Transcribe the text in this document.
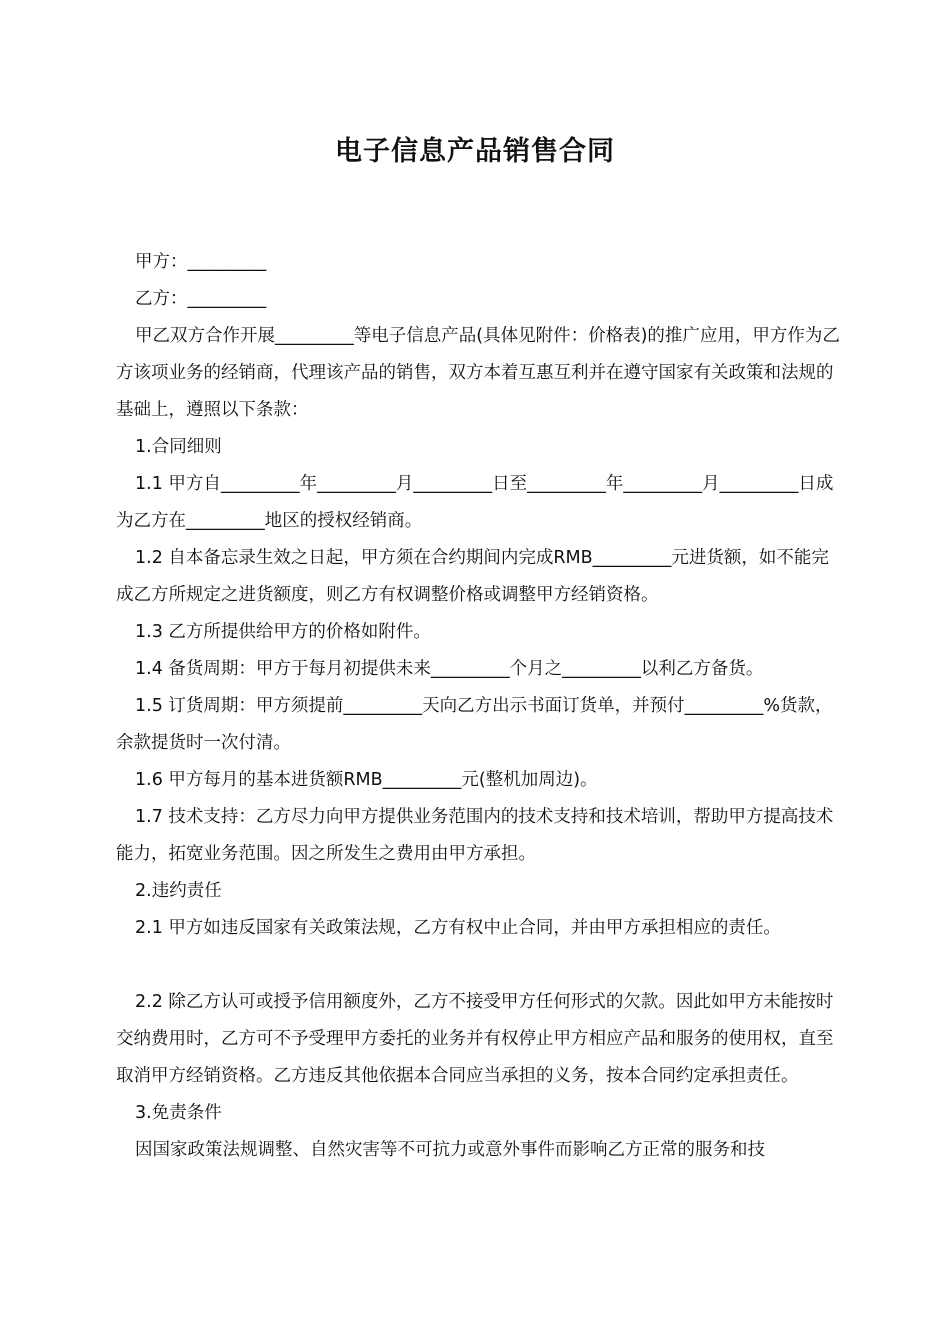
电子信息产品销售合同

甲方：_________

乙方：_________

甲乙双方合作开展_________等电子信息产品(具体见附件：价格表)的推广应用，甲方作为乙方该项业务的经销商，代理该产品的销售，双方本着互惠互利并在遵守国家有关政策和法规的基础上，遵照以下条款：

1.合同细则

1.1 甲方自_________年_________月_________日至_________年_________月_________日成为乙方在_________地区的授权经销商。

1.2 自本备忘录生效之日起，甲方须在合约期间内完成RMB_________元进货额，如不能完成乙方所规定之进货额度，则乙方有权调整价格或调整甲方经销资格。

1.3 乙方所提供给甲方的价格如附件。

1.4 备货周期：甲方于每月初提供未来_________个月之_________以利乙方备货。

1.5 订货周期：甲方须提前_________天向乙方出示书面订货单，并预付_________%货款，余款提货时一次付清。

1.6 甲方每月的基本进货额RMB_________元(整机加周边)。

1.7 技术支持：乙方尽力向甲方提供业务范围内的技术支持和技术培训，帮助甲方提高技术能力，拓宽业务范围。因之所发生之费用由甲方承担。

2.违约责任

2.1 甲方如违反国家有关政策法规，乙方有权中止合同，并由甲方承担相应的责任。

2.2 除乙方认可或授予信用额度外，乙方不接受甲方任何形式的欠款。因此如甲方未能按时交纳费用时，乙方可不予受理甲方委托的业务并有权停止甲方相应产品和服务的使用权，直至取消甲方经销资格。乙方违反其他依据本合同应当承担的义务，按本合同约定承担责任。

3.免责条件

因国家政策法规调整、自然灾害等不可抗力或意外事件而影响乙方正常的服务和技
